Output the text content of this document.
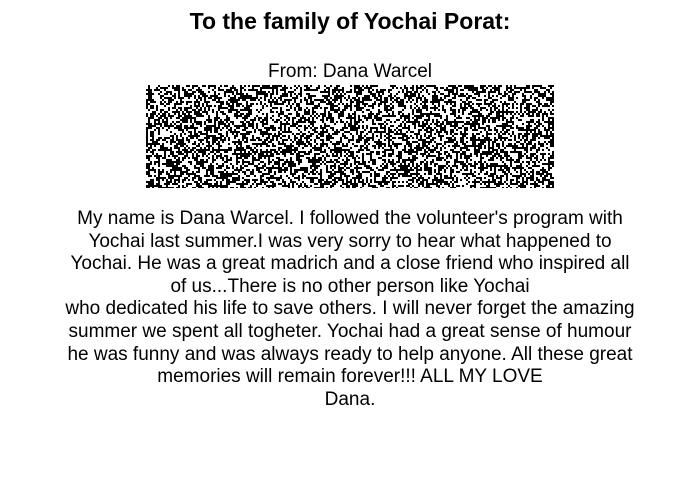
To the family of Yochai Porat:
From: Dana Warcel
My name is Dana Warcel. I followed the volunteer's program with
Yochai last summer.I was very sorry to hear what happened to
Yochai. He was a great madrich and a close friend who inspired all
of us...There is no other person like Yochai
who dedicated his life to save others. I will never forget the amazing
summer we spent all togheter. Yochai had a great sense of humour
he was funny and was always ready to help anyone. All these great
memories will remain forever!!! ALL MY LOVE
Dana.
